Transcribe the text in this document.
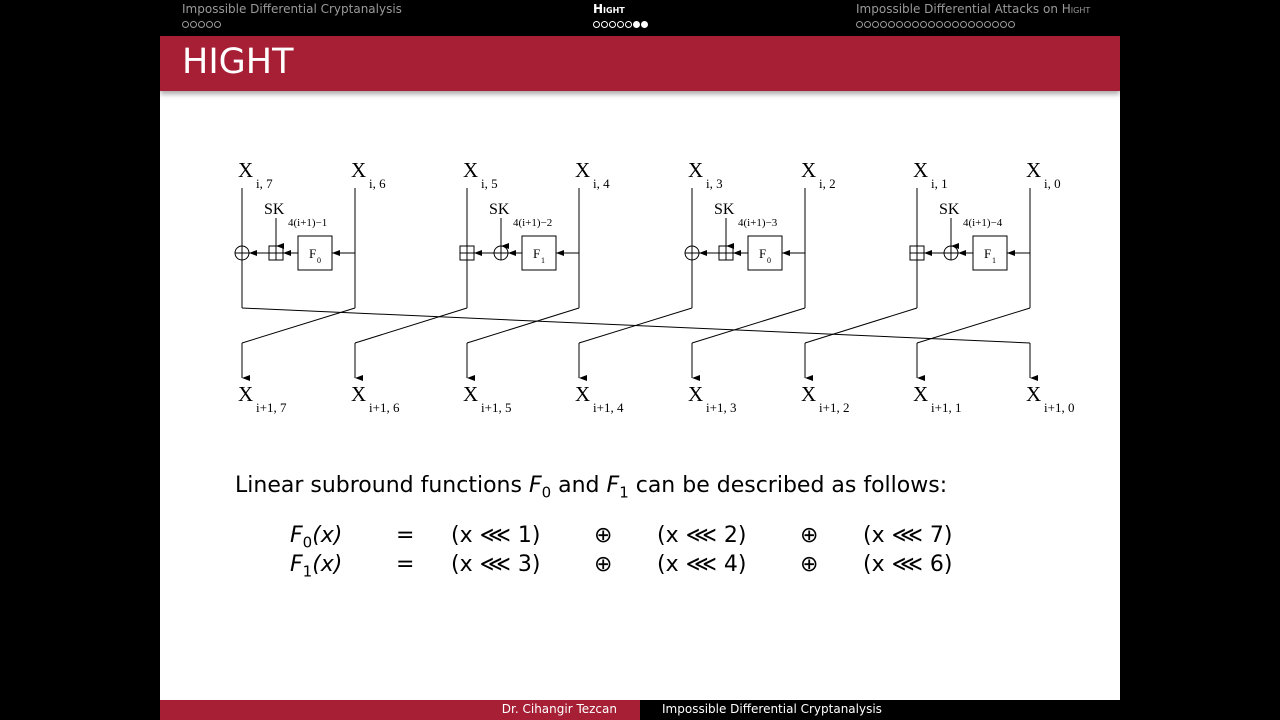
Impossible Differential Cryptanalysis	Hight	Impossible Differential Attacks on Hight
HIGHT
X
i, 7
X
i, 6
X
i, 5
X
i, 4
X
i, 3
X
i, 2
X
i, 1
X
i, 0
X
i+1, 7
X
i+1, 6
X
i+1, 5
X
i+1, 4
X
i+1, 3
X
i+1, 2
X
i+1, 1
X
i+1, 0
F 0
SK
4(i+1)−1
F 1
SK
4(i+1)−2
F 0
SK
4(i+1)−3
F 1
SK
4(i+1)−4
Linear subround functions $F_0$ and $F_1$ can be described as follows:
$F_0(x) = (x$ ⋘ 1) ⊕ (x ⋘ 2) ⊕ (x ⋘ 7)
$F_1(x) = (x$ ⋘ 3) ⊕ (x ⋘ 4) ⊕ (x ⋘ 6)
Dr. Cihangir Tezcan	Impossible Differential Cryptanalysis
